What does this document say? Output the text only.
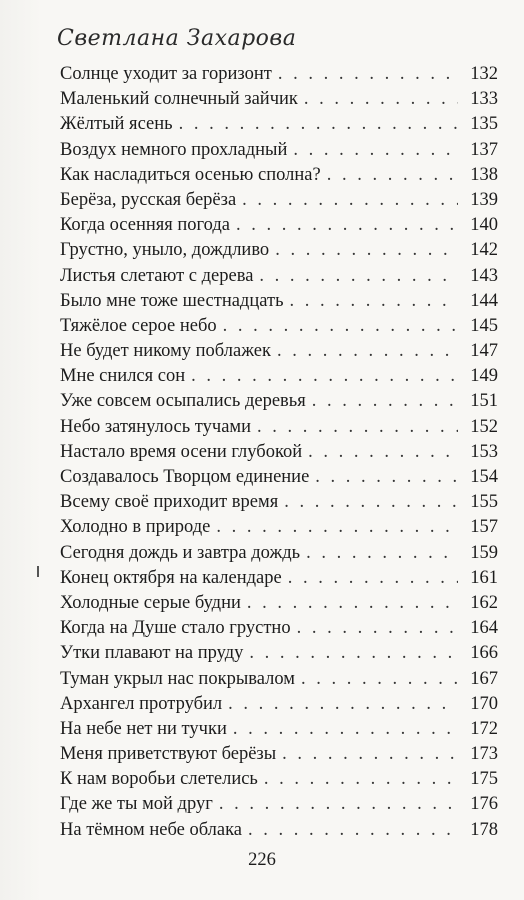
Светлана Захарова
Солнце уходит за горизонт . . .	132
Маленький солнечный зайчик . . .	133
Жёлтый ясень . . .	135
Воздух немного прохладный . . .	137
Как насладиться осенью сполна? . . .	138
Берёза, русская берёза . . .	139
Когда осенняя погода . . .	140
Грустно, уныло, дождливо . . .	142
Листья слетают с дерева . . .	143
Было мне тоже шестнадцать . . .	144
Тяжёлое серое небо . . .	145
Не будет никому поблажек . . .	147
Мне снился сон . . .	149
Уже совсем осыпались деревья . . .	151
Небо затянулось тучами . . .	152
Настало время осени глубокой . . .	153
Создавалось Творцом единение . . .	154
Всему своё приходит время . . .	155
Холодно в природе . . .	157
Сегодня дождь и завтра дождь . . .	159
Конец октября на календаре . . .	161
Холодные серые будни . . .	162
Когда на Душе стало грустно . . .	164
Утки плавают на пруду . . .	166
Туман укрыл нас покрывалом . . .	167
Архангел протрубил . . .	170
На небе нет ни тучки . . .	172
Меня приветствуют берёзы . . .	173
К нам воробьи слетелись . . .	175
Где же ты мой друг . . .	176
На тёмном небе облака . . .	178
226
